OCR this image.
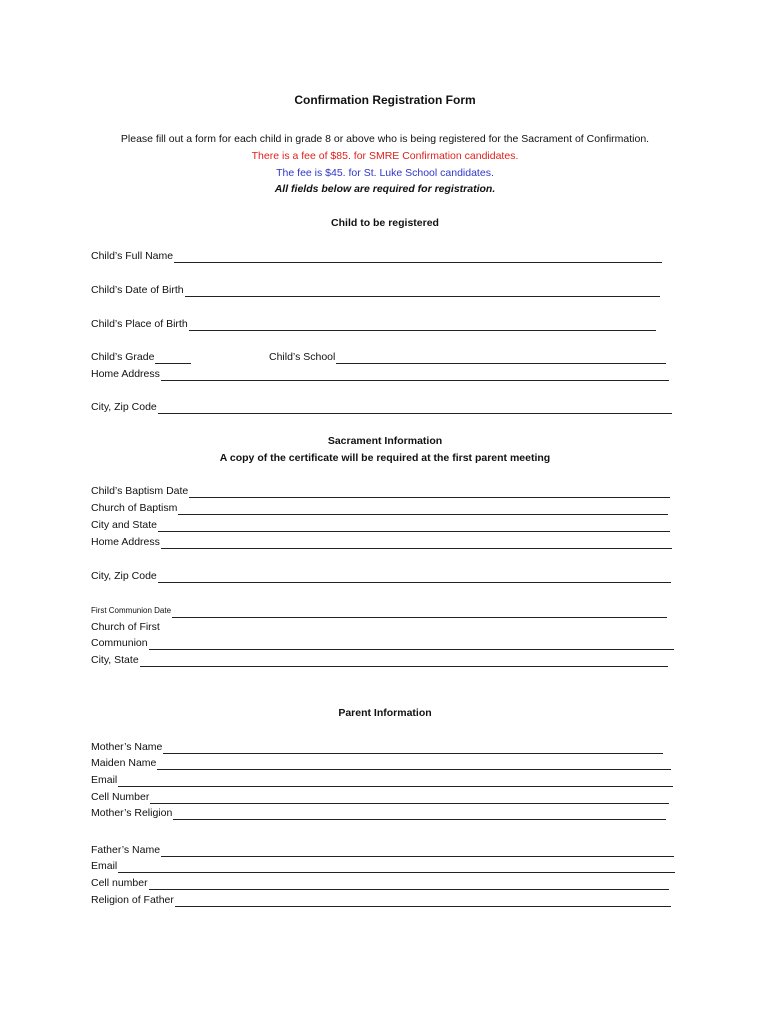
Confirmation Registration Form
Please fill out a form for each child in grade 8 or above who is being registered for the Sacrament of Confirmation.
There is a fee of $85. for SMRE Confirmation candidates.
The fee is $45. for St. Luke School candidates.
All fields below are required for registration.
Child to be registered
Child’s Full Name
Child’s Date of Birth
Child’s Place of Birth
Child’s Grade	Child’s School
Home Address
City, Zip Code
Sacrament Information
A copy of the certificate will be required at the first parent meeting
Child’s Baptism Date
Church of Baptism
City and State
Home Address
City, Zip Code
First Communion Date
Church of First
Communion
City, State
Parent Information
Mother’s Name
Maiden Name
Email
Cell Number
Mother’s Religion
Father’s Name
Email
Cell number
Religion of Father
